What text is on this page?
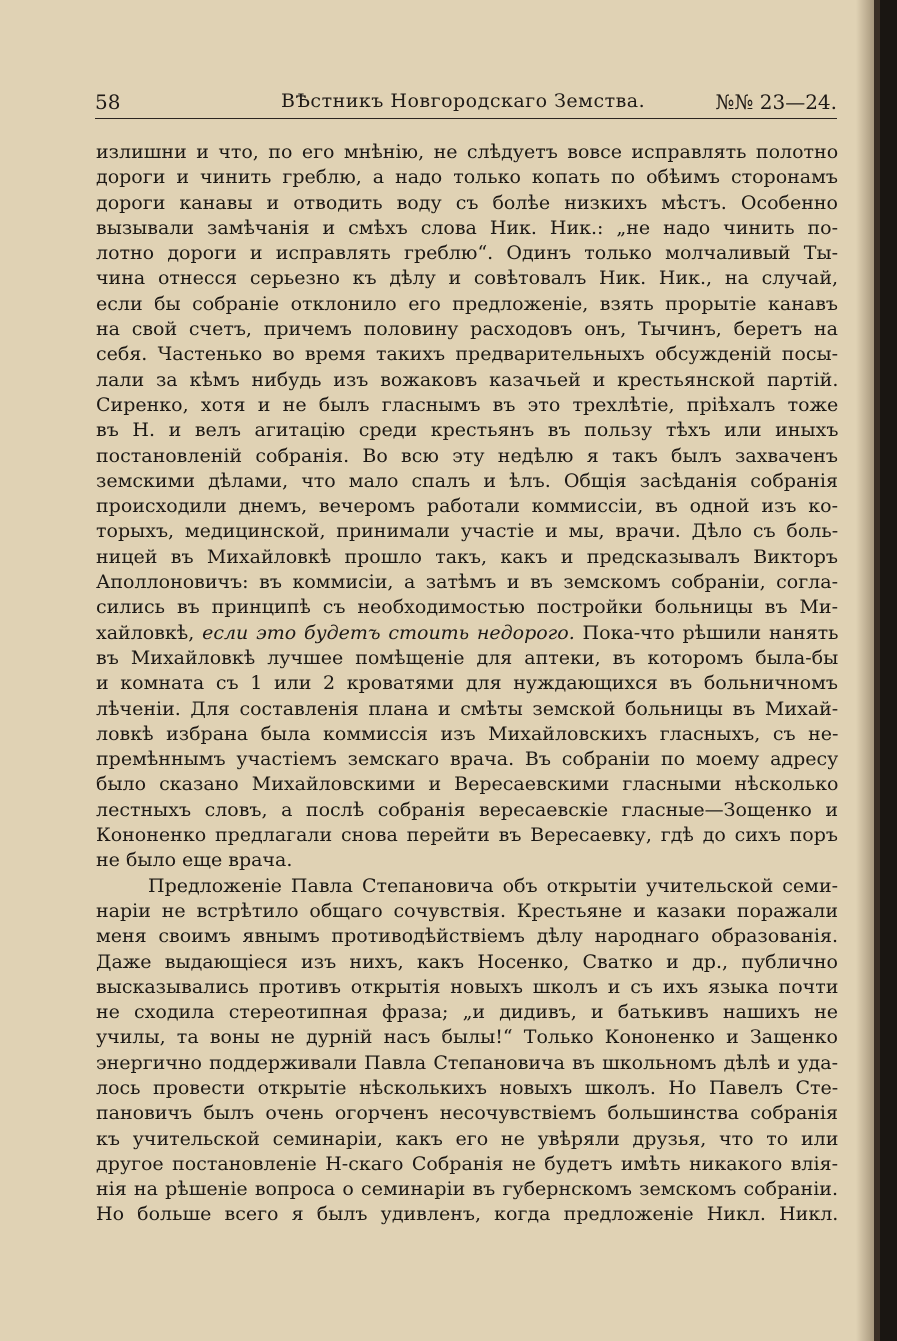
58	ВѢстникъ Новгородскаго Земства.	№№ 23—24.
излишни и что, по его мнѣнію, не слѣдуетъ вовсе исправлять полотно
дороги и чинить греблю, а надо только копать по обѣимъ сторонамъ
дороги канавы и отводить воду съ болѣе низкихъ мѣстъ. Особенно
вызывали замѣчанія и смѣхъ слова Ник. Ник.: „не надо чинить по-
лотно дороги и исправлять греблю“. Одинъ только молчаливый Ты-
чина отнесся серьезно къ дѣлу и совѣтовалъ Ник. Ник., на случай,
если бы собраніе отклонило его предложеніе, взять прорытіе канавъ
на свой счетъ, причемъ половину расходовъ онъ, Тычинъ, беретъ на
себя. Частенько во время такихъ предварительныхъ обсужденій посы-
лали за кѣмъ нибудь изъ вожаковъ казачьей и крестьянской партій.
Сиренко, хотя и не былъ гласнымъ въ это трехлѣтіе, пріѣхалъ тоже
въ Н. и велъ агитацію среди крестьянъ въ пользу тѣхъ или иныхъ
постановленій собранія. Во всю эту недѣлю я такъ былъ захваченъ
земскими дѣлами, что мало спалъ и ѣлъ. Общія засѣданія собранія
происходили днемъ, вечеромъ работали коммиссіи, въ одной изъ ко-
торыхъ, медицинской, принимали участіе и мы, врачи. Дѣло съ боль-
ницей въ Михайловкѣ прошло такъ, какъ и предсказывалъ Викторъ
Аполлоновичъ: въ коммисіи, а затѣмъ и въ земскомъ собраніи, согла-
сились въ принципѣ съ необходимостью постройки больницы въ Ми-
хайловкѣ, если это будетъ стоить недорого. Пока-что рѣшили нанять
въ Михайловкѣ лучшее помѣщеніе для аптеки, въ которомъ была-бы
и комната съ 1 или 2 кроватями для нуждающихся въ больничномъ
лѣченіи. Для составленія плана и смѣты земской больницы въ Михай-
ловкѣ избрана была коммиссія изъ Михайловскихъ гласныхъ, съ не-
премѣннымъ участіемъ земскаго врача. Въ собраніи по моему адресу
было сказано Михайловскими и Вересаевскими гласными нѣсколько
лестныхъ словъ, а послѣ собранія вересаевскіе гласные—Зощенко и
Кононенко предлагали снова перейти въ Вересаевку, гдѣ до сихъ поръ
не было еще врача.
Предложеніе Павла Степановича объ открытіи учительской семи-
наріи не встрѣтило общаго сочувствія. Крестьяне и казаки поражали
меня своимъ явнымъ противодѣйствіемъ дѣлу народнаго образованія.
Даже выдающіеся изъ нихъ, какъ Носенко, Сватко и др., публично
высказывались противъ открытія новыхъ школъ и съ ихъ языка почти
не сходила стереотипная фраза; „и дидивъ, и батькивъ нашихъ не
училы, та воны не дурній насъ былы!“ Только Кононенко и Защенко
энергично поддерживали Павла Степановича въ школьномъ дѣлѣ и уда-
лось провести открытіе нѣсколькихъ новыхъ школъ. Но Павелъ Сте-
пановичъ былъ очень огорченъ несочувствіемъ большинства собранія
къ учительской семинаріи, какъ его не увѣряли друзья, что то или
другое постановленіе Н-скаго Собранія не будетъ имѣть никакого влія-
нія на рѣшеніе вопроса о семинаріи въ губернскомъ земскомъ собраніи.
Но больше всего я былъ удивленъ, когда предложеніе Никл. Никл.
